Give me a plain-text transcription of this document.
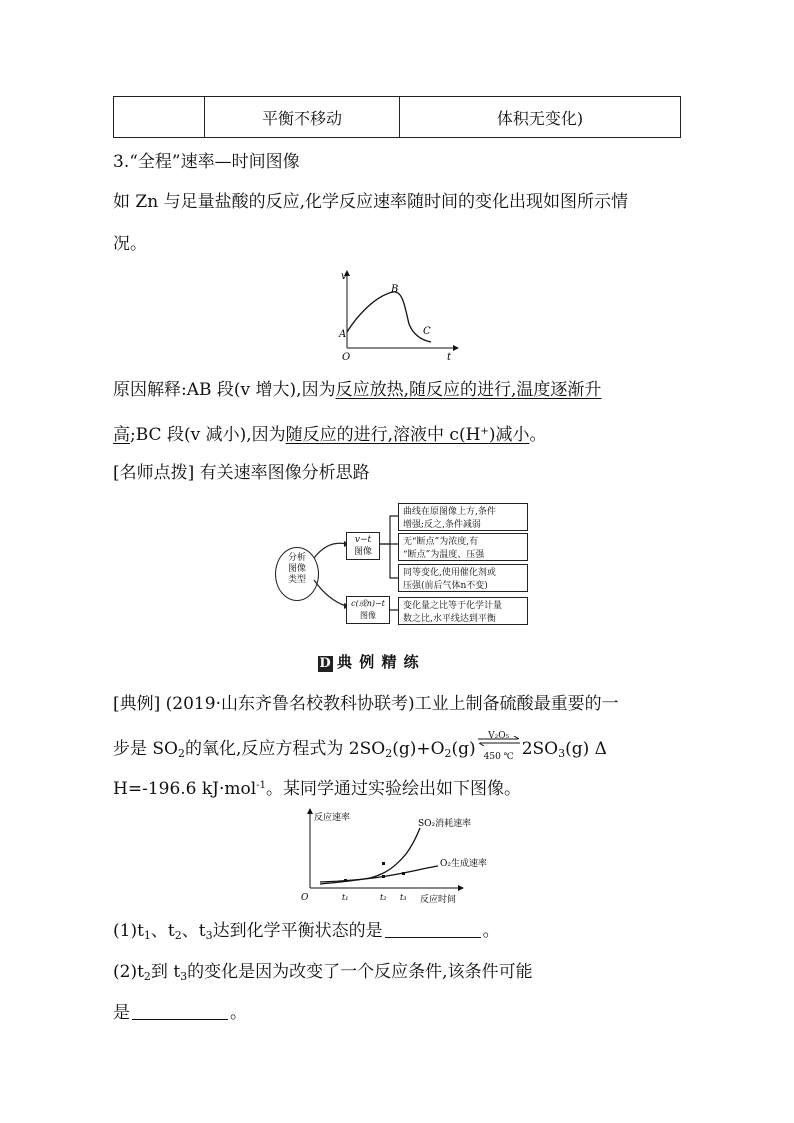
	平衡不移动	体积无变化)
3.“全程”速率—时间图像
如 Zn 与足量盐酸的反应,化学反应速率随时间的变化出现如图所示情
况。
v
t
O
A
B
C
原因解释:AB 段(v 增大),因为反应放热,随反应的进行,温度逐渐升
高;BC 段(v 减小),因为随反应的进行,溶液中 c(H+)减小。
[名师点拨] 有关速率图像分析思路
分析
图像
类型
v−t
图像
c(或n)−t
图像
曲线在原图像上方,条件
增强;反之,条件减弱
无“断点”为浓度,有
“断点”为温度、压强
同等变化,使用催化剂或
压强(前后气体n不变)
变化量之比等于化学计量
数之比,水平线达到平衡
D 典 例 精 练
[典例] (2019·山东齐鲁名校教科协联考)工业上制备硫酸最重要的一
步是 $SO_2$的氧化,反应方程式为 $2SO_2(g)+O_2(g)$
V₂O₅
450 ℃ $2SO_3(g)$ Δ
H=-196.6 kJ·mol$^{-1}$。某同学通过实验绘出如下图像。
反应速率
反应时间
O
SO₂消耗速率
O₂生成速率
t₁	t₂ t₃
$(1)t_1$、$t_2$、$t_3$达到化学平衡状态的是	。
$(2)t_2$到 $t_3$的变化是因为改变了一个反应条件,该条件可能
是	。
